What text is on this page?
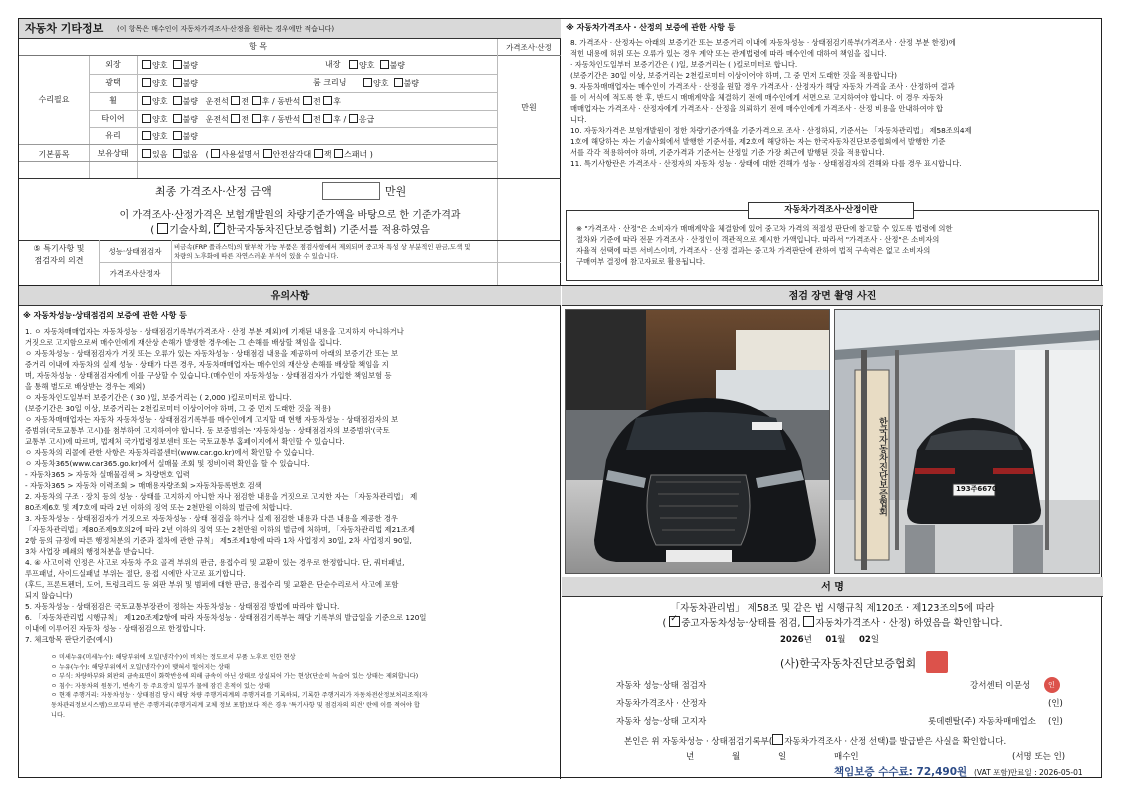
자동차 기타정보 (이 항목은 매수인이 자동차가격조사·산정을 원하는 경우에만 적습니다)
항 목	가격조사·산정
수리필요
기본품목
외장	양호 불량	내장	양호 불량
광택	양호 불량	룸 크리닝	양호 불량
휠	양호 불량 운전석 전 후 / 동반석 전 후
타이어	양호 불량 운전석 전 후 / 동반석 전 후 / 응급
유리	양호 불량
보유상태	있음 없음 ( 사용설명서 안전삼각대 잭 스패너 )
만원
최종 가격조사·산정 금액	만원
이 가격조사·산정가격은 보험개발원의 차량기준가액을 바탕으로 한 기준가격과
( 기술사회, ✓ 한국자동차진단보증협회) 기준서를 적용하였음
⑤ 특기사항 및
점검자의 의견
성능·상태점검자	비금속(FRP 플라스틱)의 탈부착 가능 부품은 점검사항에서 제외되며 중고차 특성 상 부분적인 판금,도색 및
차량의 노후화에 따른 자연스러운 부식이 있을 수 있습니다.
가격조사산정자
※ 자동차가격조사 · 산정의 보증에 관한 사항 등

8. 가격조사 · 산정자는 아래의 보증기간 또는 보증거리 이내에 자동차성능 · 상태점검기록부(가격조사 · 산정 부분 한정)에

적힌 내용에 허위 또는 오류가 있는 경우 계약 또는 관계법령에 따라 매수인에 대하여 책임을 집니다.

· 자동차인도일부터 보증기간은 ( )일, 보증거리는 ( )킬로미터로 합니다.

(보증기간은 30일 이상, 보증거리는 2천킬로미터 이상이어야 하며, 그 중 먼저 도래한 것을 적용합니다)

9. 자동차매매업자는 매수인이 가격조사 · 산정을 원할 경우 가격조사 · 산정자가 해당 자동차 가격을 조사 · 산정하여 결과

를 이 서식에 적도록 한 후, 반드시 매매계약을 체결하기 전에 매수인에게 서면으로 고지하여야 합니다. 이 경우 자동차

매매업자는 가격조사 · 산정자에게 가격조사 · 산정을 의뢰하기 전에 매수인에게 가격조사 · 산정 비용을 안내하여야 합

니다.

10. 자동차가격은 보험개발원이 정한 차량기준가액을 기준가격으로 조사 · 산정하되, 기준서는 「자동차관리법」 제58조의4제

1호에 해당하는 자는 기술사회에서 발행한 기준서를, 제2호에 해당하는 자는 한국자동차진단보증협회에서 발행한 기준

서를 각각 적용하여야 하며, 기준가격과 기준서는 산정일 기준 가장 최근에 발행된 것을 적용합니다.

11. 특기사항란은 가격조사 · 산정자의 자동차 성능 · 상태에 대한 견해가 성능 · 상태점검자의 견해와 다를 경우 표시합니다.

자동차가격조사·산정이란

※ "가격조사 · 산정"은 소비자가 매매계약을 체결함에 있어 중고차 가격의 적절성 판단에 참고할 수 있도록 법령에 의한

절차와 기준에 따라 전문 가격조사 · 산정인이 객관적으로 제시한 가액입니다. 따라서 "가격조사 · 산정"은 소비자의

자율적 선택에 따른 서비스이며, 가격조사 · 산정 결과는 중고차 가격판단에 관하여 법적 구속력은 없고 소비자의

구매여부 결정에 참고자료로 활용됩니다.

유의사항
※ 자동차성능·상태점검의 보증에 관한 사항 등

1. ㅇ 자동차매매업자는 자동차성능 · 상태점검기록부(가격조사 · 산정 부분 제외)에 기재된 내용을 고지하지 아니하거나

거짓으로 고지함으로써 매수인에게 재산상 손해가 발생한 경우에는 그 손해를 배상할 책임을 집니다.

ㅇ 자동차성능 · 상태점검자가 거짓 또는 오류가 있는 자동차성능 · 상태점검 내용을 제공하여 아래의 보증기간 또는 보

증거리 이내에 자동차의 실제 성능 · 상태가 다른 경우, 자동차매매업자는 매수인의 재산상 손해를 배상할 책임을 지

며, 자동차성능 · 상태점검자에게 이를 구상할 수 있습니다.(매수인이 자동차성능 · 상태점검자가 가입한 책임보험 등

을 통해 별도로 배상받는 경우는 제외)

ㅇ 자동차인도일부터 보증기간은 ( 30 )일, 보증거리는 ( 2,000 )킬로미터로 합니다.

(보증기간은 30일 이상, 보증거리는 2천킬로미터 이상이어야 하며, 그 중 먼저 도래한 것을 적용)

ㅇ 자동차매매업자는 자동차 자동차성능 · 상태점검기록부를 매수인에게 고지할 때 현행 자동차성능 · 상태점검자의 보

증범위(국토교통부 고시)를 첨부하여 고지하여야 합니다. 동 보증범위는 '자동차성능 · 상태점검자의 보증범위'(국토

교통부 고시)에 따르며, 법제처 국가법령정보센터 또는 국토교통부 홈페이지에서 확인할 수 있습니다.

ㅇ 자동차의 리콜에 관한 사항은 자동차리콜센터(www.car.go.kr)에서 확인할 수 있습니다.

ㅇ 자동차365(www.car365.go.kr)에서 실매물 조회 및 정비이력 확인을 할 수 있습니다.

- 자동차365 > 자동차 실매물검색 > 차량번호 입력

- 자동차365 > 자동차 이력조회 > 매매용자량조회 >자동차등록번호 검색

2. 자동차의 구조 · 장치 등의 성능 · 상태를 고지하지 아니한 자나 점검한 내용을 거짓으로 고지한 자는 「자동차관리법」 제

80조제6호 및 제7호에 따라 2년 이하의 징역 또는 2천만원 이하의 벌금에 처합니다.

3. 자동차성능 · 상태점검자가 거짓으로 자동차성능 · 상태 점검을 하거나 실제 점검한 내용과 다른 내용을 제공한 경우

「자동차관리법」제80조제9호의2에 따라 2년 이하의 징역 또는 2천만원 이하의 벌금에 처하며, 「자동차관리법 제21조제

2항 등의 규정에 따른 행정처분의 기준과 절차에 관한 규칙」 제5조제1항에 따라 1차 사업정지 30일, 2차 사업정지 90일,

3차 사업장 폐쇄의 행정처분을 받습니다.

4. ④ 사고이력 인정은 사고로 자동차 주요 골격 부위의 판금, 용접수리 및 교환이 있는 경우로 한정합니다. 단, 쿼터패널,

루프패널, 사이드실패널 부위는 절단, 용접 시에만 사고로 표기합니다.

(후드, 프론트펜더, 도어, 트렁크리드 등 외판 부위 및 범퍼에 대한 판금, 용접수리 및 교환은 단순수리로서 사고에 포함

되지 않습니다)

5. 자동차성능 · 상태점검은 국토교통부장관이 정하는 자동차성능 · 상태점검 방법에 따라야 합니다.

6. 「자동차관리법 시행규칙」 제120조제2항에 따라 자동차성능 · 상태점검기록부는 해당 기록부의 발급일을 기준으로 120일

이내에 이루어진 자동차 성능 · 상태점검으로 한정합니다.

7. 체크항목 판단기준(예시)

ㅇ 미세누유(미세누수): 해당부위에 오일(냉각수)이 비치는 정도로서 부품 노후로 인한 현상

ㅇ 누유(누수): 해당부위에서 오일(냉각수)이 맺혀서 떨어지는 상태

ㅇ 부식: 차량하부와 외판의 금속표면이 화학반응에 의해 금속이 아닌 상태로 상실되어 가는 현상(단순히 녹슬어 있는 상태는 제외합니다)

ㅇ 침수: 자동차의 원동기, 변속기 등 주요장치 일부가 물에 잠긴 흔적이 있는 상태

ㅇ 현재 주행거리: 자동차성능 · 상태점검 당시 해당 차량 주행거리계의 주행거리를 기록하되, 기록한 주행거리가 자동차전산정보처리조직(자

동차관리정보시스템)으로부터 받은 주행거리(주행거리계 교체 정보 포함)보다 적은 경우 '특기사항 및 점검자의 의견' 란에 이를 적어야 합

니다.

점검 장면 촬영 사진
193주6670
한국자동차진단보증협회
서 명
「자동차관리법」 제58조 및 같은 법 시행규칙 제120조 · 제123조의5에 따라
( ✓ 중고자동차성능·상태를 점검, 자동차가격조사 · 산정) 하였음을 확인합니다.
2026년 01월 02일
(사)한국자동차진단보증협회
자동차 성능·상태 점검자	강서센터 이문성	인
자동차가격조사 · 산정자	(인)
자동차 성능·상태 고지자	롯데렌탈(주) 자동차매매업소 (인)
본인은 위 자동차성능 · 상태점검기록부( 자동차가격조사 · 산정 선택)를 발급받은 사실을 확인합니다.
년	월	일	매수인	(서명 또는 인)
책임보증 수수료: 72,490원 (VAT 포함) 만료일 : 2026-05-01
